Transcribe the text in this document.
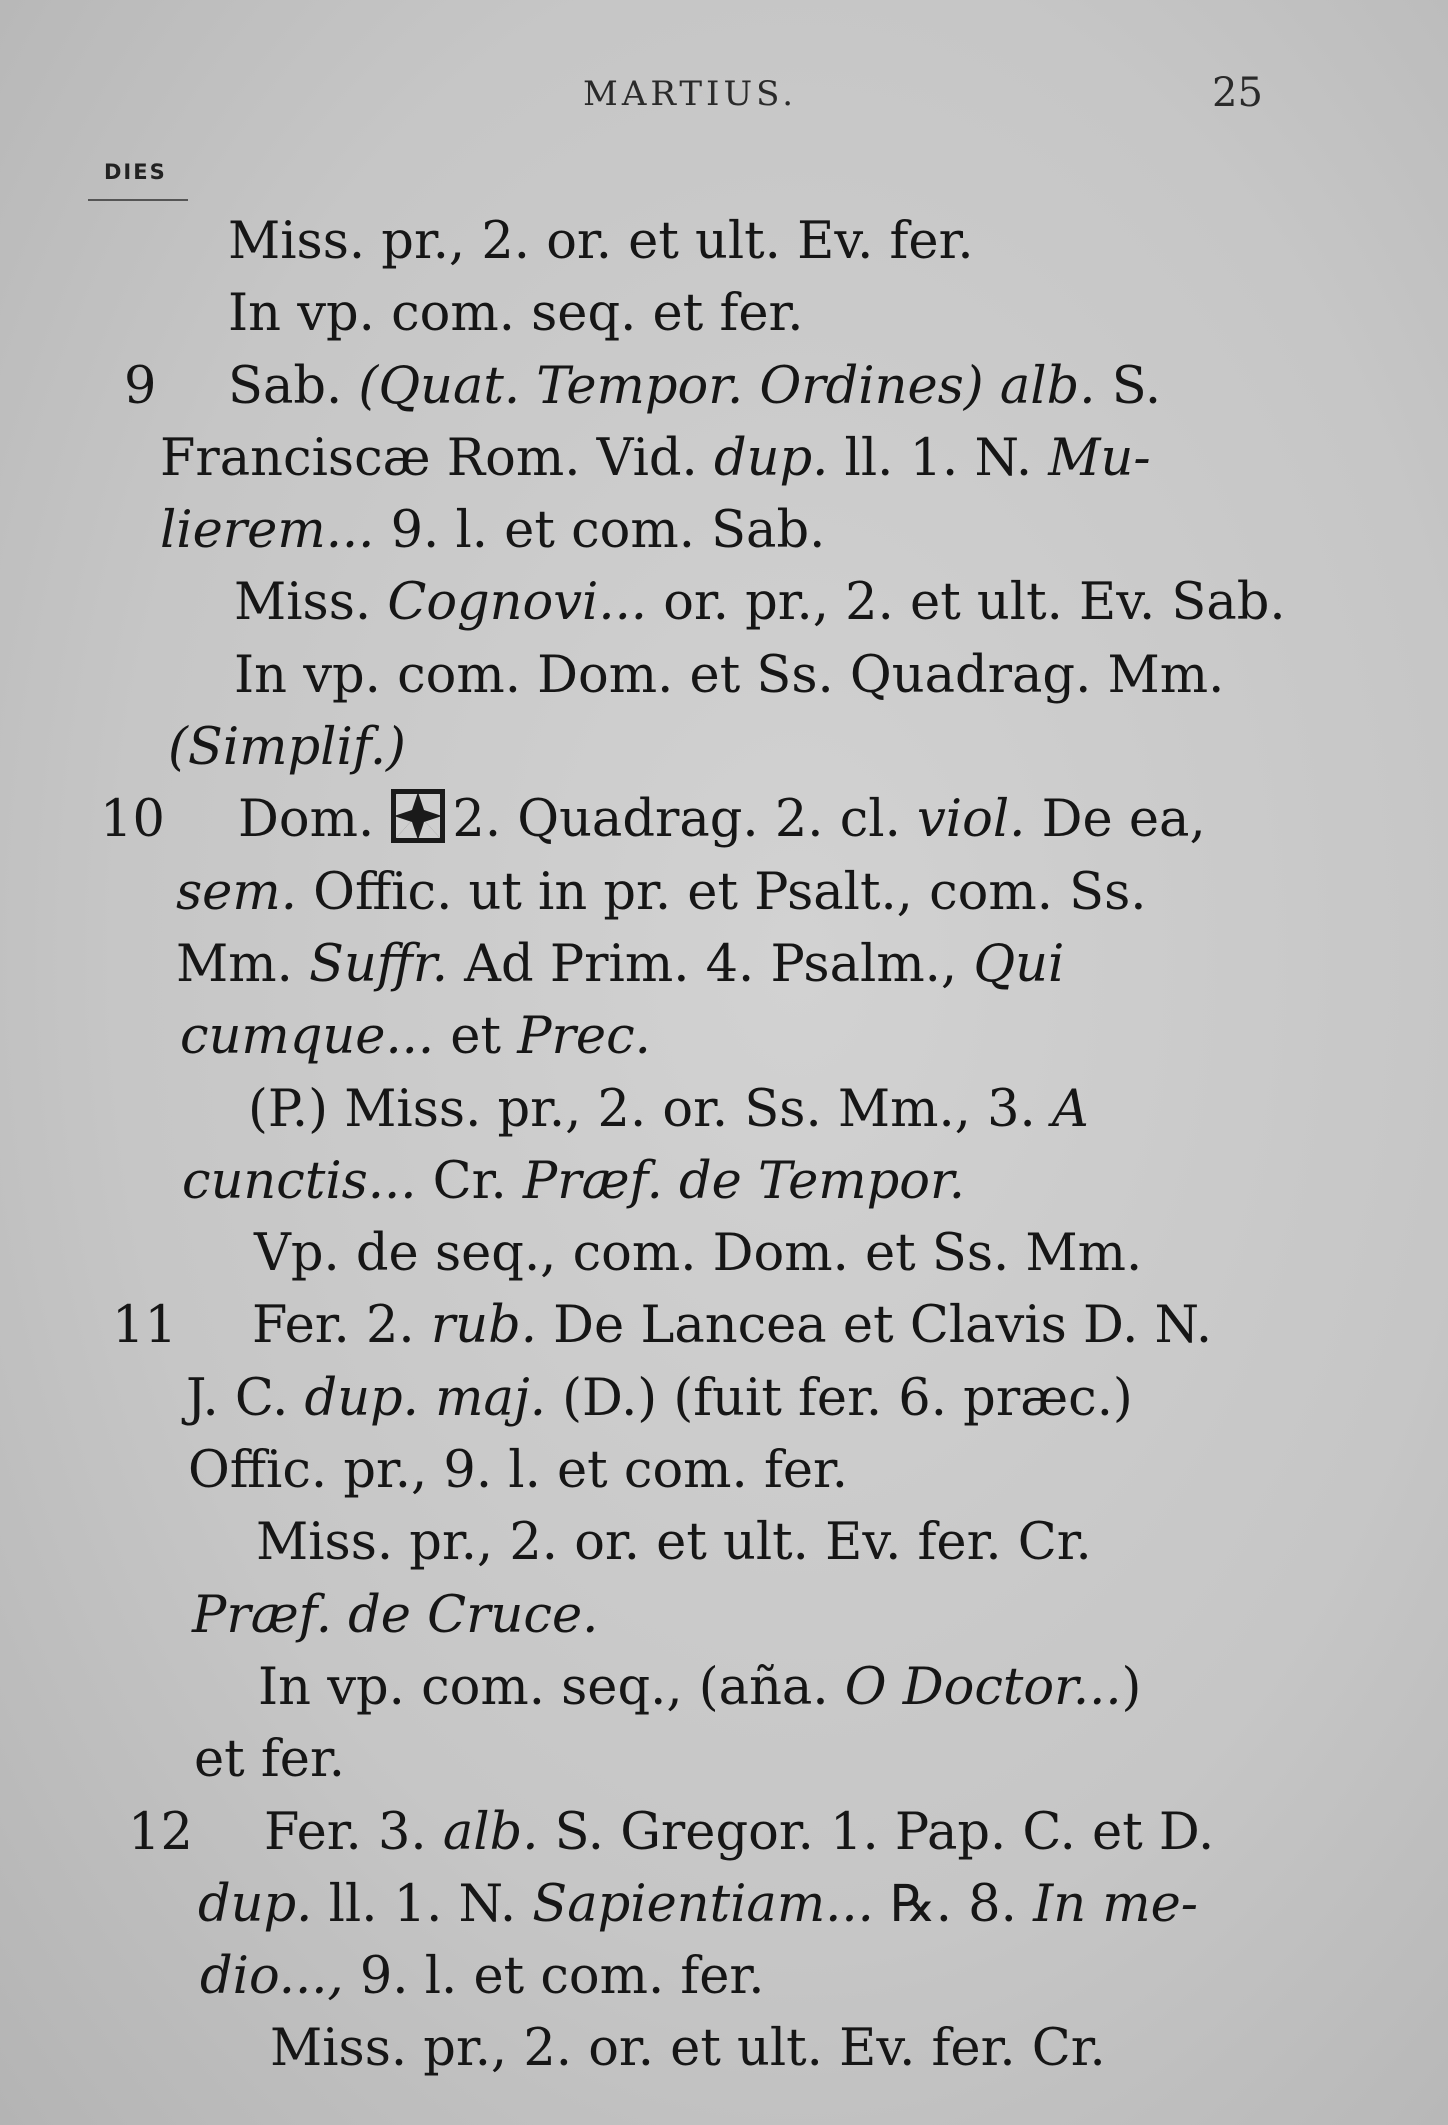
MARTIUS.	25
DIES
Miss. pr., 2. or. et ult. Ev. fer.
In vp. com. seq. et fer.
9 Sab. (Quat. Tempor. Ordines) alb. S.
Franciscæ Rom. Vid. dup. ll. 1. N. Mu-
lierem... 9. l. et com. Sab.
Miss. Cognovi... or. pr., 2. et ult. Ev. Sab.
In vp. com. Dom. et Ss. Quadrag. Mm.
(Simplif.)
10 Dom.
2. Quadrag. 2. cl. viol. De ea,
sem. Offic. ut in pr. et Psalt., com. Ss.
Mm. Suffr. Ad Prim. 4. Psalm., Qui
cumque... et Prec.
(P.) Miss. pr., 2. or. Ss. Mm., 3. A
cunctis... Cr. Præf. de Tempor.
Vp. de seq., com. Dom. et Ss. Mm.
11 Fer. 2. rub. De Lancea et Clavis D. N.
J. C. dup. maj. (D.) (fuit fer. 6. præc.)
Offic. pr., 9. l. et com. fer.
Miss. pr., 2. or. et ult. Ev. fer. Cr.
Præf. de Cruce.
In vp. com. seq., (aña. O Doctor...)
et fer.
12 Fer. 3. alb. S. Gregor. 1. Pap. C. et D.
dup. ll. 1. N. Sapientiam... ℞. 8. In me-
dio..., 9. l. et com. fer.
Miss. pr., 2. or. et ult. Ev. fer. Cr.
